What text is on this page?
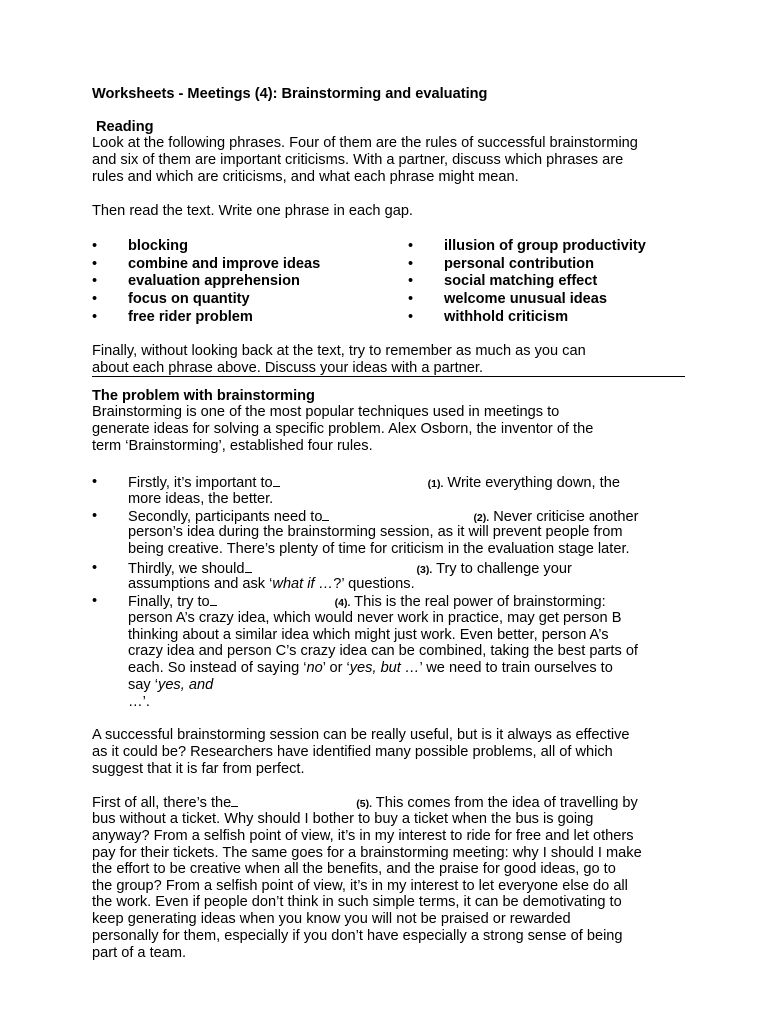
Worksheets - Meetings (4): Brainstorming and evaluating
Reading
Look at the following phrases. Four of them are the rules of successful brainstorming
and six of them are important criticisms. With a partner, discuss which phrases are
rules and which are criticisms, and what each phrase might mean.
Then read the text. Write one phrase in each gap.
• blocking
• combine and improve ideas
• evaluation apprehension
• focus on quantity
• free rider problem
• illusion of group productivity
• personal contribution
• social matching effect
• welcome unusual ideas
• withhold criticism
Finally, without looking back at the text, try to remember as much as you can
about each phrase above. Discuss your ideas with a partner.
The problem with brainstorming
Brainstorming is one of the most popular techniques used in meetings to
generate ideas for solving a specific problem. Alex Osborn, the inventor of the
term ‘Brainstorming’, established four rules.
• Firstly, it’s important to	(1). Write everything down, the
more ideas, the better.
• Secondly, participants need to	(2). Never criticise another
person’s idea during the brainstorming session, as it will prevent people from
being creative. There’s plenty of time for criticism in the evaluation stage later.
• Thirdly, we should	(3). Try to challenge your
assumptions and ask ‘what if …?’ questions.
• Finally, try to	(4). This is the real power of brainstorming:
person A’s crazy idea, which would never work in practice, may get person B
thinking about a similar idea which might just work. Even better, person A’s
crazy idea and person C’s crazy idea can be combined, taking the best parts of
each. So instead of saying ‘no’ or ‘yes, but …’ we need to train ourselves to
say ‘yes, and
…’.
A successful brainstorming session can be really useful, but is it always as effective
as it could be? Researchers have identified many possible problems, all of which
suggest that it is far from perfect.
First of all, there’s the	(5). This comes from the idea of travelling by
bus without a ticket. Why should I bother to buy a ticket when the bus is going
anyway? From a selfish point of view, it’s in my interest to ride for free and let others
pay for their tickets. The same goes for a brainstorming meeting: why I should I make
the effort to be creative when all the benefits, and the praise for good ideas, go to
the group? From a selfish point of view, it’s in my interest to let everyone else do all
the work. Even if people don’t think in such simple terms, it can be demotivating to
keep generating ideas when you know you will not be praised or rewarded
personally for them, especially if you don’t have especially a strong sense of being
part of a team.
